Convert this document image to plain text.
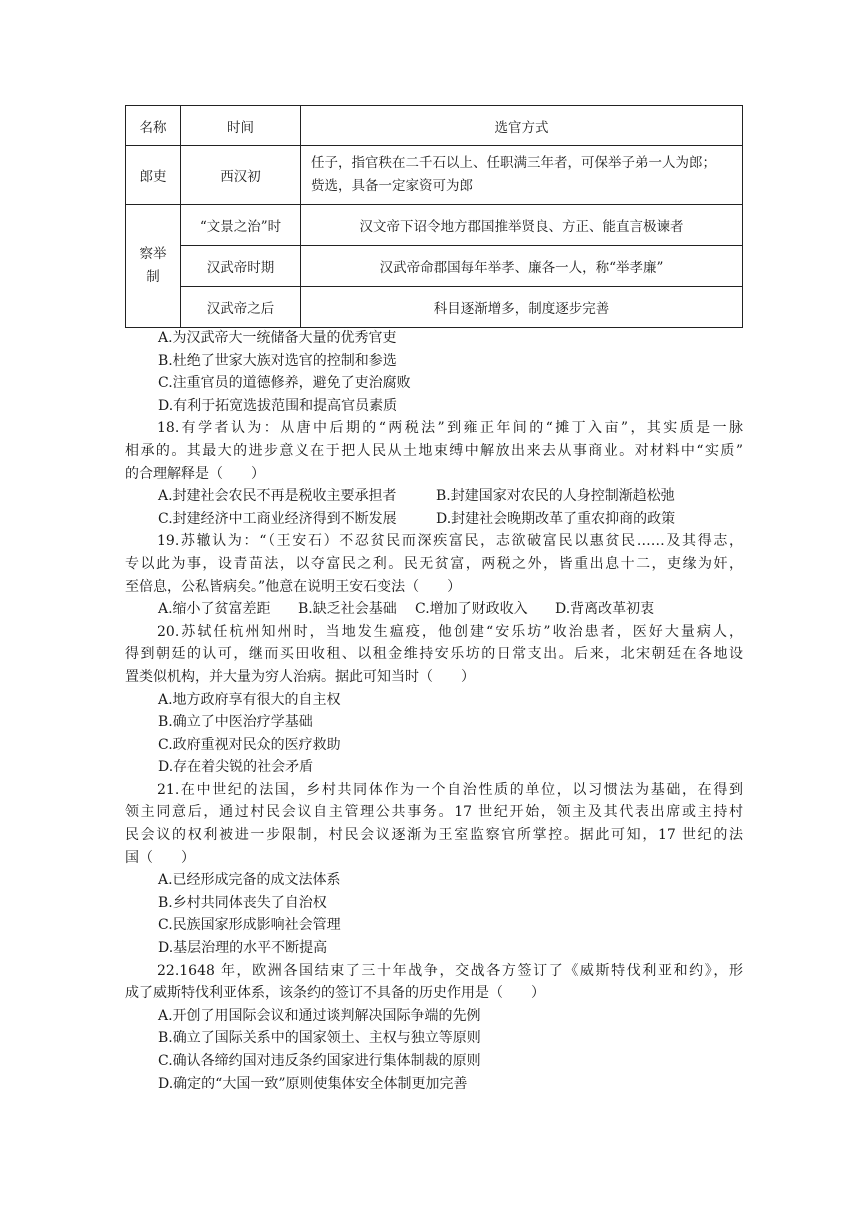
名称	时间	选官方式
郎吏	西汉初	任子，指官秩在二千石以上、任职满三年者，可保举子弟一人为郎；
赀选，具备一定家资可为郎

察举
制	“文景之治”时	汉文帝下诏令地方郡国推举贤良、方正、能直言极谏者
	汉武帝时期	汉武帝命郡国每年举孝、廉各一人，称“举孝廉”
	汉武帝之后	科目逐渐增多，制度逐步完善
A.为汉武帝大一统储备大量的优秀官吏
B.杜绝了世家大族对选官的控制和参选
C.注重官员的道德修养，避免了吏治腐败
D.有利于拓宽选拔范围和提高官员素质
18.有学者认为：从唐中后期的“两税法”到雍正年间的“摊丁入亩”，其实质是一脉
相承的。其最大的进步意义在于把人民从土地束缚中解放出来去从事商业。对材料中“实质”
的合理解释是（　　）
A.封建社会农民不再是税收主要承担者	B.封建国家对农民的人身控制渐趋松弛
C.封建经济中工商业经济得到不断发展	D.封建社会晚期改革了重农抑商的政策
19.苏辙认为：“（王安石）不忍贫民而深疾富民，志欲破富民以惠贫民……及其得志，
专以此为事，设青苗法，以夺富民之利。民无贫富，两税之外，皆重出息十二，吏缘为奸，
至倍息，公私皆病矣。”他意在说明王安石变法（　　）
A.缩小了贫富差距	B.缺乏社会基础	C.增加了财政收入	D.背离改革初衷
20.苏轼任杭州知州时，当地发生瘟疫，他创建“安乐坊”收治患者，医好大量病人，
得到朝廷的认可，继而买田收租、以租金维持安乐坊的日常支出。后来，北宋朝廷在各地设
置类似机构，并大量为穷人治病。据此可知当时（　　）
A.地方政府享有很大的自主权
B.确立了中医治疗学基础
C.政府重视对民众的医疗救助
D.存在着尖锐的社会矛盾
21.在中世纪的法国，乡村共同体作为一个自治性质的单位，以习惯法为基础，在得到
领主同意后，通过村民会议自主管理公共事务。17 世纪开始，领主及其代表出席或主持村
民会议的权利被进一步限制，村民会议逐渐为王室监察官所掌控。据此可知，17 世纪的法
国（　　）
A.已经形成完备的成文法体系
B.乡村共同体丧失了自治权
C.民族国家形成影响社会管理
D.基层治理的水平不断提高
22.1648 年，欧洲各国结束了三十年战争，交战各方签订了《威斯特伐利亚和约》，形
成了威斯特伐利亚体系，该条约的签订不具备的历史作用是（　　）
A.开创了用国际会议和通过谈判解决国际争端的先例
B.确立了国际关系中的国家领土、主权与独立等原则
C.确认各缔约国对违反条约国家进行集体制裁的原则
D.确定的“大国一致”原则使集体安全体制更加完善
